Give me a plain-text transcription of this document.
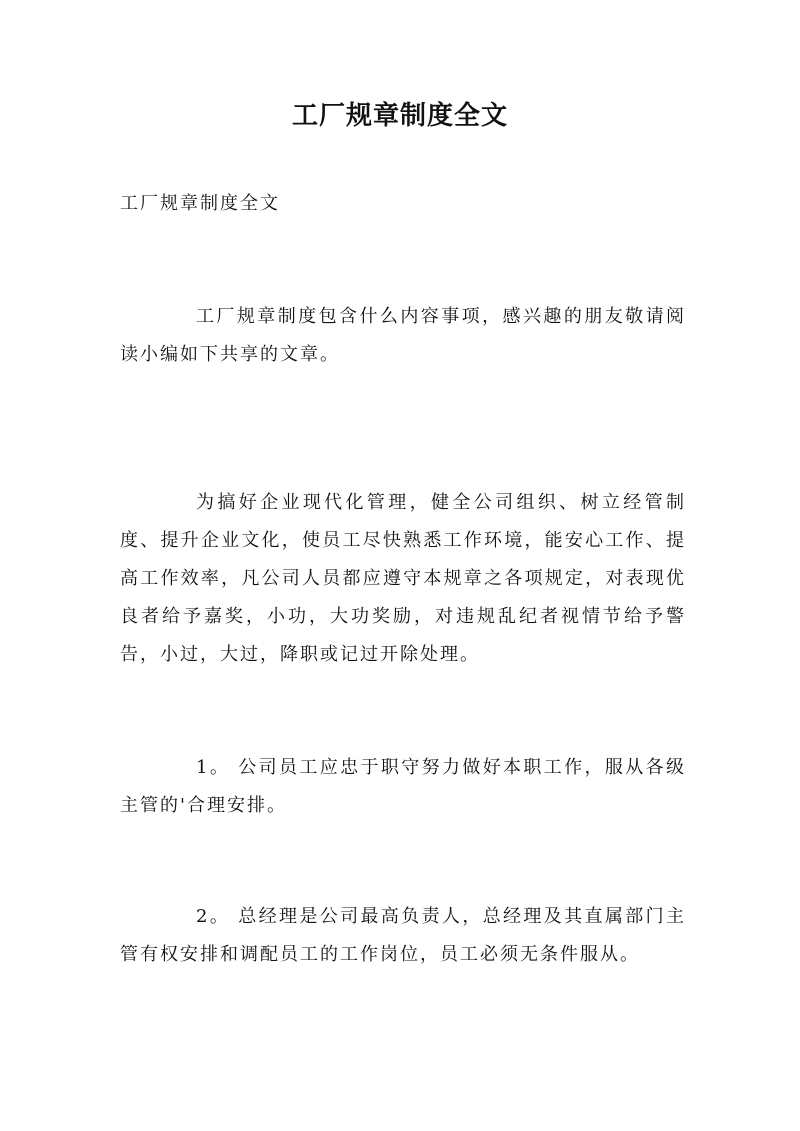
工厂规章制度全文

工厂规章制度全文

工厂规章制度包含什么内容事项，感兴趣的朋友敬请阅读小编如下共享的文章。

为搞好企业现代化管理，健全公司组织、树立经管制度、提升企业文化，使员工尽快熟悉工作环境，能安心工作、提高工作效率，凡公司人员都应遵守本规章之各项规定，对表现优良者给予嘉奖，小功，大功奖励，对违规乱纪者视情节给予警告，小过，大过，降职或记过开除处理。

1。 公司员工应忠于职守努力做好本职工作，服从各级主管的'合理安排。

2。 总经理是公司最高负责人，总经理及其直属部门主管有权安排和调配员工的工作岗位，员工必须无条件服从。
